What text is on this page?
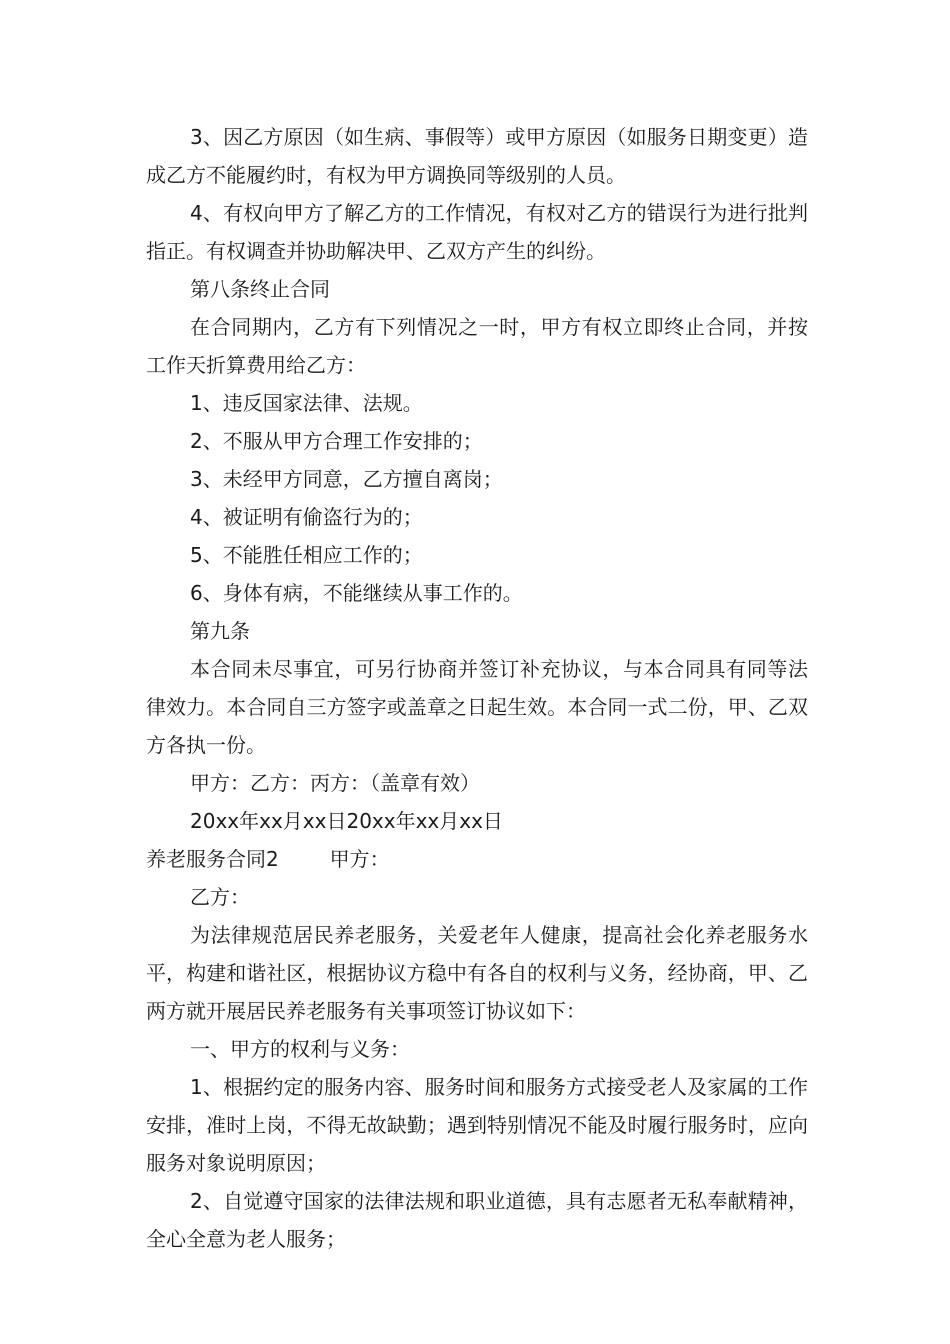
3、因乙方原因（如生病、事假等）或甲方原因（如服务日期变更）造成乙方不能履约时，有权为甲方调换同等级别的人员。

4、有权向甲方了解乙方的工作情况，有权对乙方的错误行为进行批判指正。有权调查并协助解决甲、乙双方产生的纠纷。

第八条终止合同

在合同期内，乙方有下列情况之一时，甲方有权立即终止合同，并按工作天折算费用给乙方：

1、违反国家法律、法规。

2、不服从甲方合理工作安排的；

3、未经甲方同意，乙方擅自离岗；

4、被证明有偷盗行为的；

5、不能胜任相应工作的；

6、身体有病，不能继续从事工作的。

第九条

本合同未尽事宜，可另行协商并签订补充协议，与本合同具有同等法律效力。本合同自三方签字或盖章之日起生效。本合同一式二份，甲、乙双方各执一份。

甲方：乙方：丙方：（盖章有效）

20xx年xx月xx日20xx年xx月xx日

养老服务合同2        甲方：

乙方：

为法律规范居民养老服务，关爱老年人健康，提高社会化养老服务水平，构建和谐社区，根据协议方稳中有各自的权利与义务，经协商，甲、乙两方就开展居民养老服务有关事项签订协议如下：

一、甲方的权利与义务：

1、根据约定的服务内容、服务时间和服务方式接受老人及家属的工作安排，准时上岗，不得无故缺勤；遇到特别情况不能及时履行服务时，应向服务对象说明原因；

2、自觉遵守国家的法律法规和职业道德，具有志愿者无私奉献精神，全心全意为老人服务；
